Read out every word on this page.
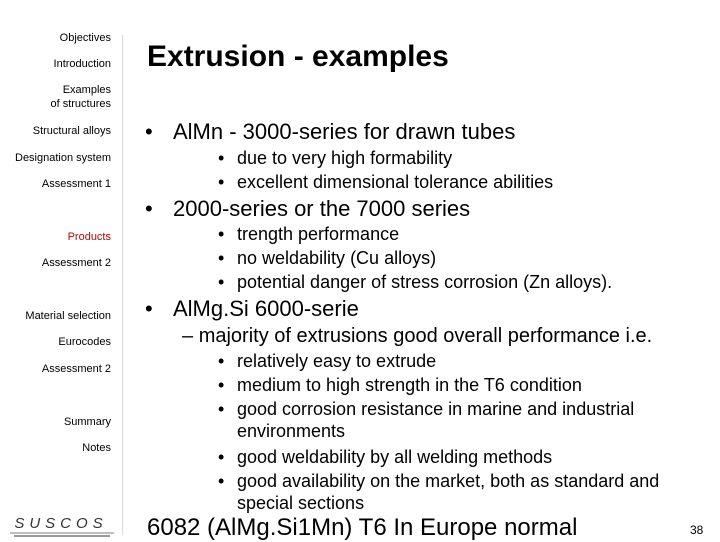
Objectives
Introduction
Examples
of structures
Structural alloys
Designation system
Assessment 1
Products
Assessment 2
Material selection
Eurocodes
Assessment 2
Summary
Notes
SUSCOS
Extrusion - examples
• AlMn - 3000-series for drawn tubes
• due to very high formability
• excellent dimensional tolerance abilities
• 2000-series or the 7000 series
• trength performance
• no weldability (Cu alloys)
• potential danger of stress corrosion (Zn alloys).
• AlMg.Si 6000-serie
– majority of extrusions good overall performance i.e.
• relatively easy to extrude
• medium to high strength in the T6 condition
• good corrosion resistance in marine and industrial
environments
• good weldability by all welding methods
• good availability on the market, both as standard and
special sections
6082 (AlMg.Si1Mn) T6 In Europe normal	38
